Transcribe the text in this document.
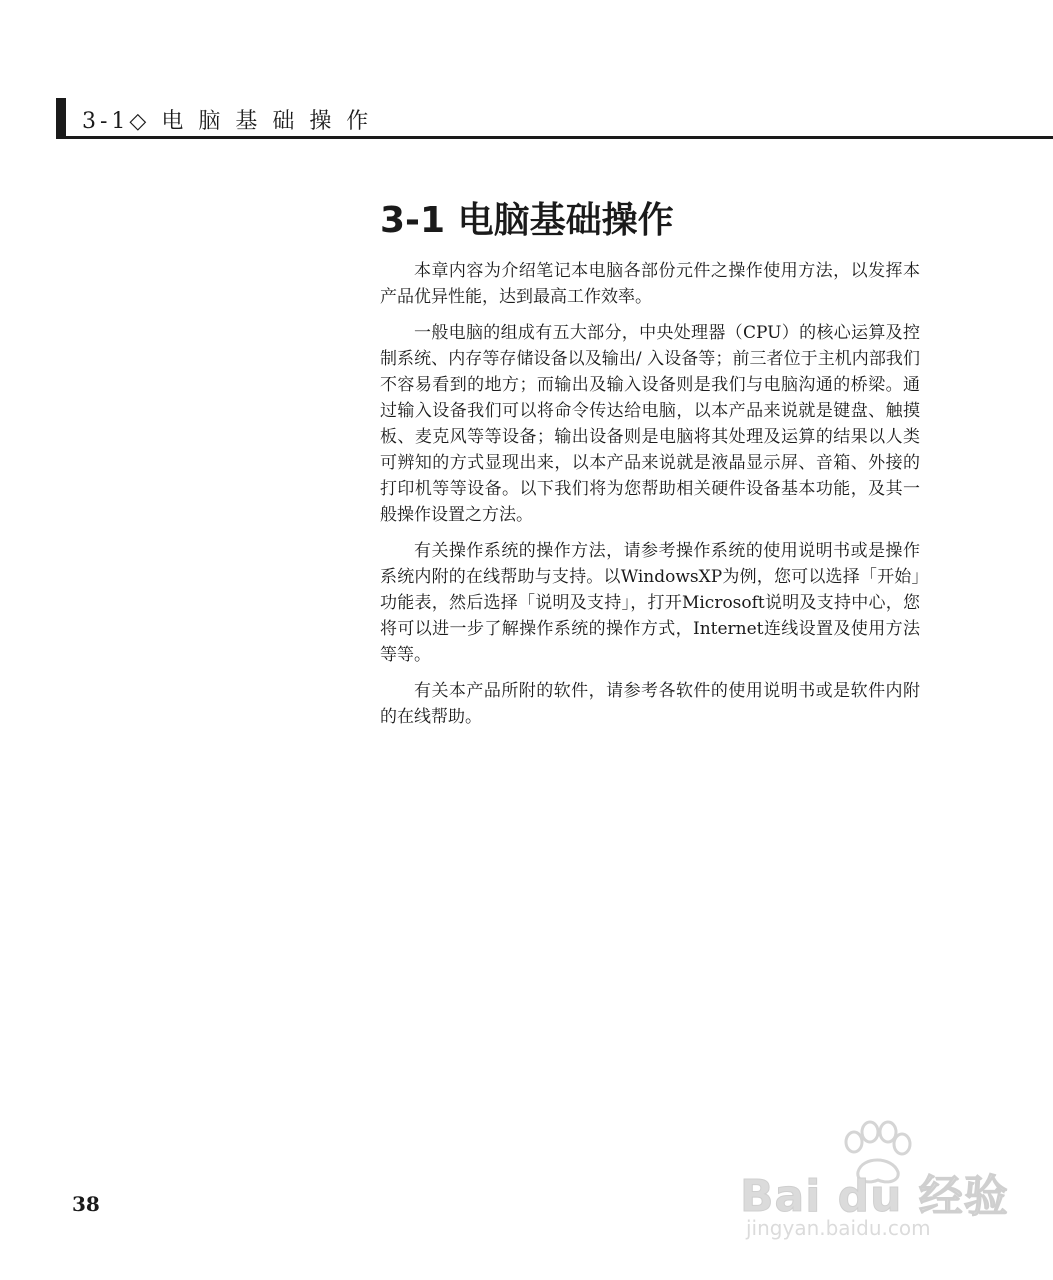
3-1◇ 电 脑 基 础 操 作
3-1 电脑基础操作

本章内容为介绍笔记本电脑各部份元件之操作使用方法，以发挥本产品优异性能，达到最高工作效率。

一般电脑的组成有五大部分，中央处理器（CPU）的核心运算及控制系统、内存等存储设备以及输出/ 入设备等；前三者位于主机内部我们不容易看到的地方；而输出及输入设备则是我们与电脑沟通的桥梁。通过输入设备我们可以将命令传达给电脑，以本产品来说就是键盘、触摸板、麦克风等等设备；输出设备则是电脑将其处理及运算的结果以人类可辨知的方式显现出来，以本产品来说就是液晶显示屏、音箱、外接的打印机等等设备。以下我们将为您帮助相关硬件设备基本功能，及其一般操作设置之方法。

有关操作系统的操作方法，请参考操作系统的使用说明书或是操作系统内附的在线帮助与支持。以WindowsXP为例，您可以选择「开始」功能表，然后选择「说明及支持」，打开Microsoft说明及支持中心，您将可以进一步了解操作系统的操作方式，Internet连线设置及使用方法等等。

有关本产品所附的软件，请参考各软件的使用说明书或是软件内附的在线帮助。

38	Bai du 经验
jingyan.baidu.com
